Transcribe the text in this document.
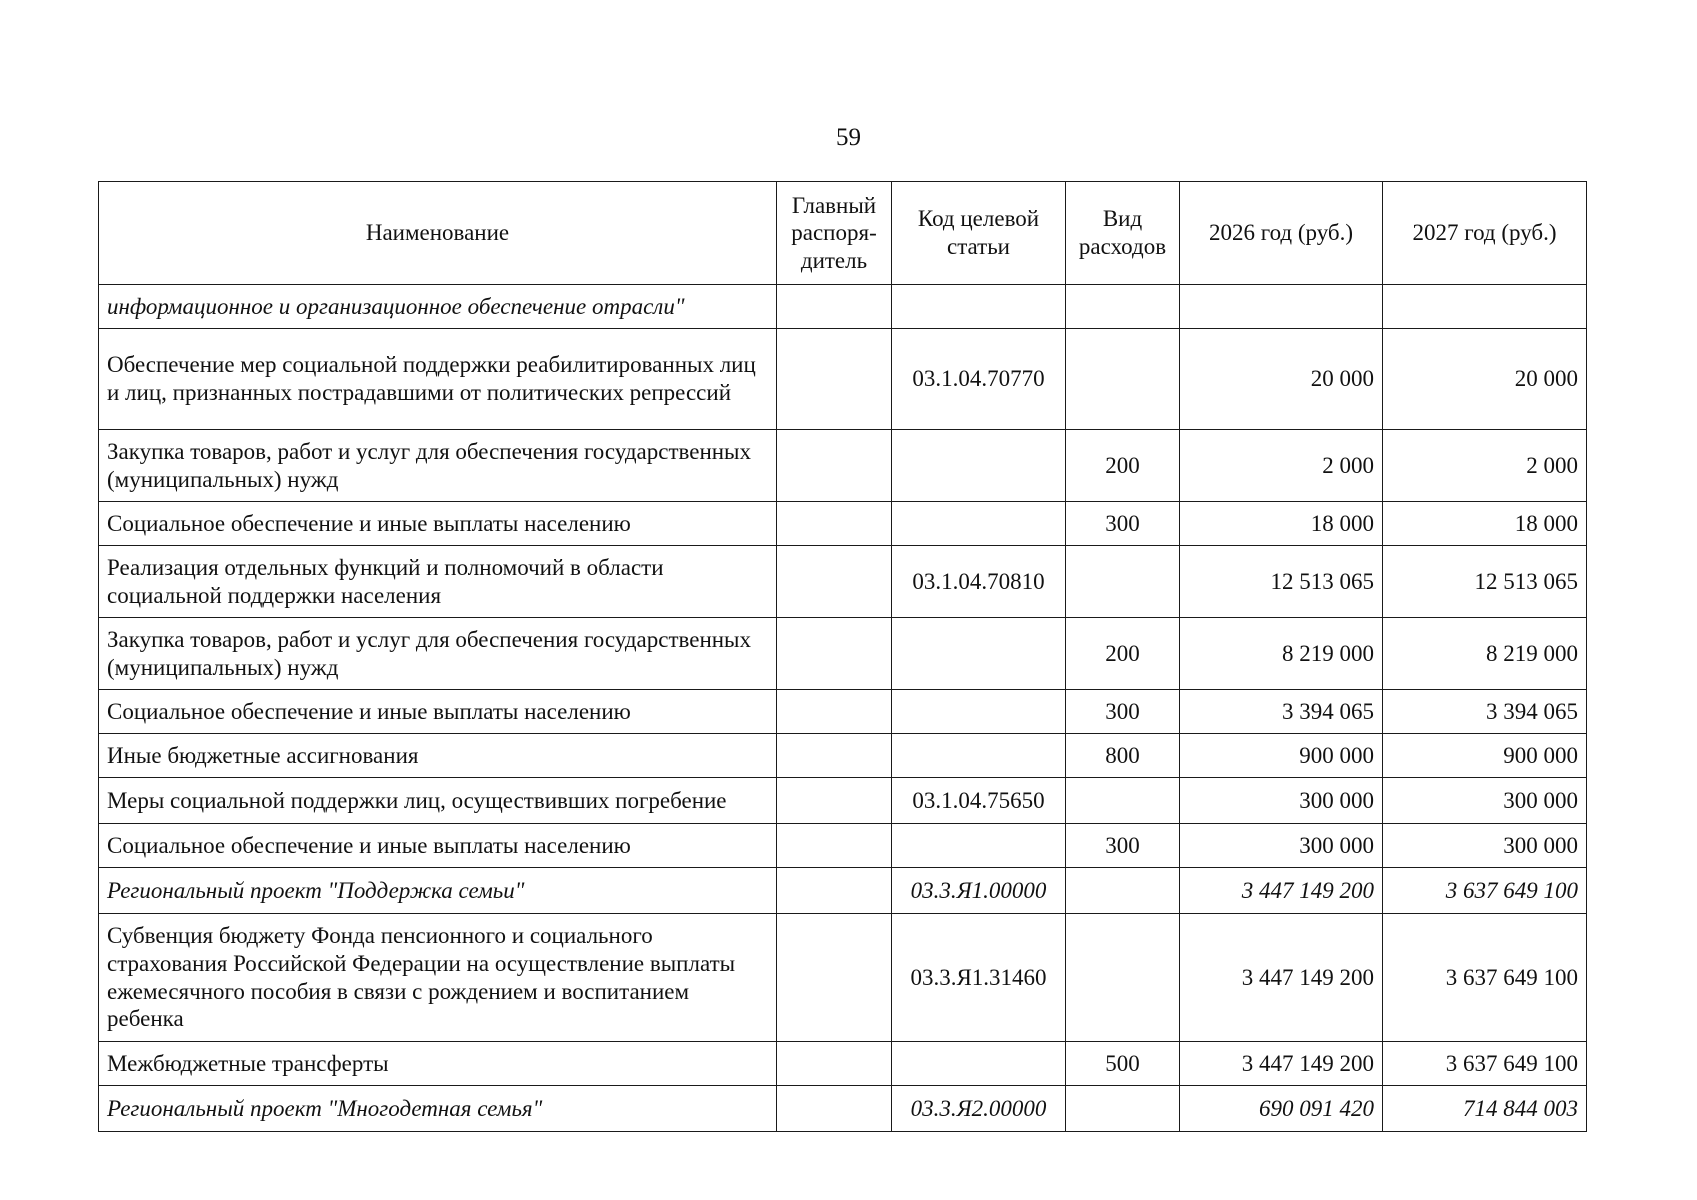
59
Наименование	Главный распоря-дитель	Код целевой статьи	Вид расходов	2026 год (руб.)	2027 год (руб.)
информационное и организационное обеспечение отрасли"					
Обеспечение мер социальной поддержки реабилитированных лиц и лиц, признанных пострадавшими от политических репрессий		03.1.04.70770		20 000	20 000
Закупка товаров, работ и услуг для обеспечения государственных (муниципальных) нужд			200	2 000	2 000
Социальное обеспечение и иные выплаты населению			300	18 000	18 000
Реализация отдельных функций и полномочий в области социальной поддержки населения		03.1.04.70810		12 513 065	12 513 065
Закупка товаров, работ и услуг для обеспечения государственных (муниципальных) нужд			200	8 219 000	8 219 000
Социальное обеспечение и иные выплаты населению			300	3 394 065	3 394 065
Иные бюджетные ассигнования			800	900 000	900 000
Меры социальной поддержки лиц, осуществивших погребение		03.1.04.75650		300 000	300 000
Социальное обеспечение и иные выплаты населению			300	300 000	300 000
Региональный проект "Поддержка семьи"		03.3.Я1.00000		3 447 149 200	3 637 649 100
Субвенция бюджету Фонда пенсионного и социального страхования Российской Федерации на осуществление выплаты ежемесячного пособия в связи с рождением и воспитанием ребенка		03.3.Я1.31460		3 447 149 200	3 637 649 100
Межбюджетные трансферты			500	3 447 149 200	3 637 649 100
Региональный проект "Многодетная семья"		03.3.Я2.00000		690 091 420	714 844 003
